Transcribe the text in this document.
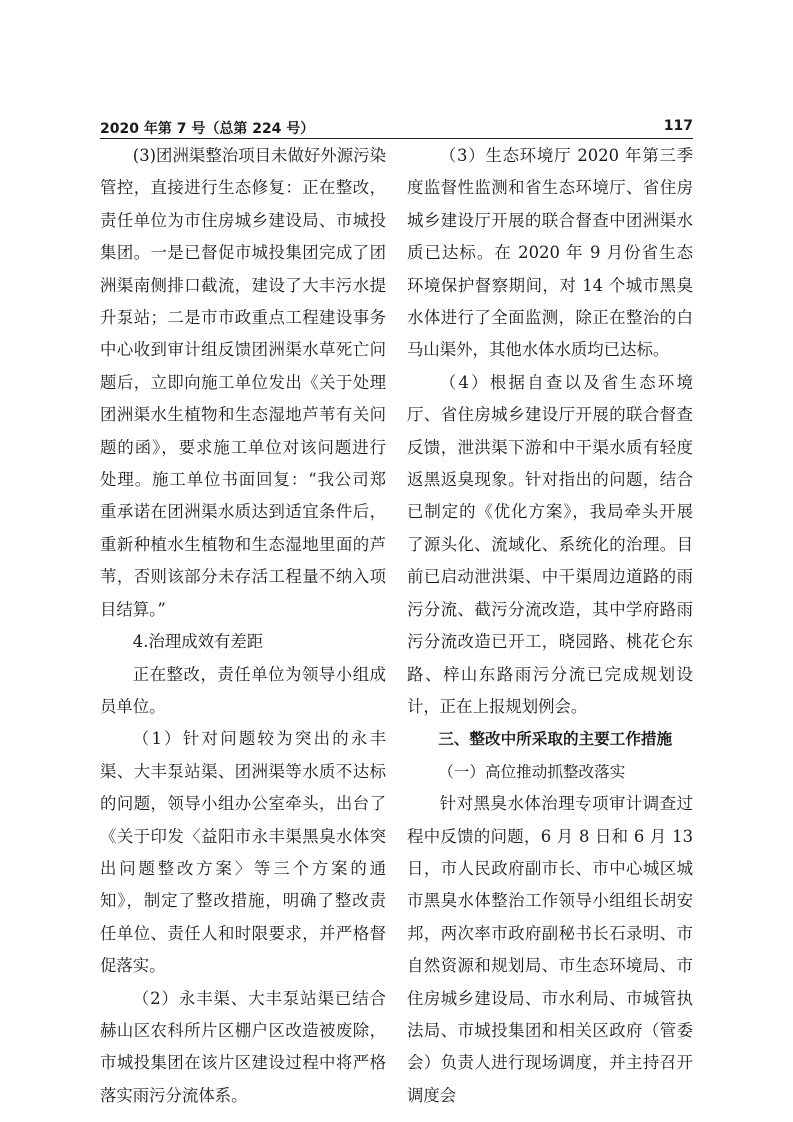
2020 年第 7 号（总第 224 号）	117

(3)团洲渠整治项目未做好外源污染管控，直接进行生态修复：正在整改，责任单位为市住房城乡建设局、市城投集团。一是已督促市城投集团完成了团洲渠南侧排口截流，建设了大丰污水提升泵站；二是市市政重点工程建设事务中心收到审计组反馈团洲渠水草死亡问题后，立即向施工单位发出《关于处理团洲渠水生植物和生态湿地芦苇有关问题的函》，要求施工单位对该问题进行处理。施工单位书面回复：“我公司郑重承诺在团洲渠水质达到适宜条件后，重新种植水生植物和生态湿地里面的芦苇，否则该部分未存活工程量不纳入项目结算。”

4.治理成效有差距

正在整改，责任单位为领导小组成员单位。

（1）针对问题较为突出的永丰渠、大丰泵站渠、团洲渠等水质不达标的问题，领导小组办公室牵头，出台了《关于印发〈益阳市永丰渠黑臭水体突出问题整改方案〉等三个方案的通知》，制定了整改措施，明确了整改责任单位、责任人和时限要求，并严格督促落实。

（2）永丰渠、大丰泵站渠已结合赫山区农科所片区棚户区改造被废除，市城投集团在该片区建设过程中将严格落实雨污分流体系。

（3）生态环境厅 2020 年第三季度监督性监测和省生态环境厅、省住房城乡建设厅开展的联合督查中团洲渠水质已达标。在 2020 年 9 月份省生态环境保护督察期间，对 14 个城市黑臭水体进行了全面监测，除正在整治的白马山渠外，其他水体水质均已达标。

（4）根据自查以及省生态环境厅、省住房城乡建设厅开展的联合督查反馈，泄洪渠下游和中干渠水质有轻度返黑返臭现象。针对指出的问题，结合已制定的《优化方案》，我局牵头开展了源头化、流域化、系统化的治理。目前已启动泄洪渠、中干渠周边道路的雨污分流、截污分流改造，其中学府路雨污分流改造已开工，晓园路、桃花仑东路、梓山东路雨污分流已完成规划设计，正在上报规划例会。

三、整改中所采取的主要工作措施

（一）高位推动抓整改落实

针对黑臭水体治理专项审计调查过程中反馈的问题，6 月 8 日和 6 月 13 日，市人民政府副市长、市中心城区城市黑臭水体整治工作领导小组组长胡安邦，两次率市政府副秘书长石录明、市自然资源和规划局、市生态环境局、市住房城乡建设局、市水利局、市城管执法局、市城投集团和相关区政府（管委会）负责人进行现场调度，并主持召开调度会
